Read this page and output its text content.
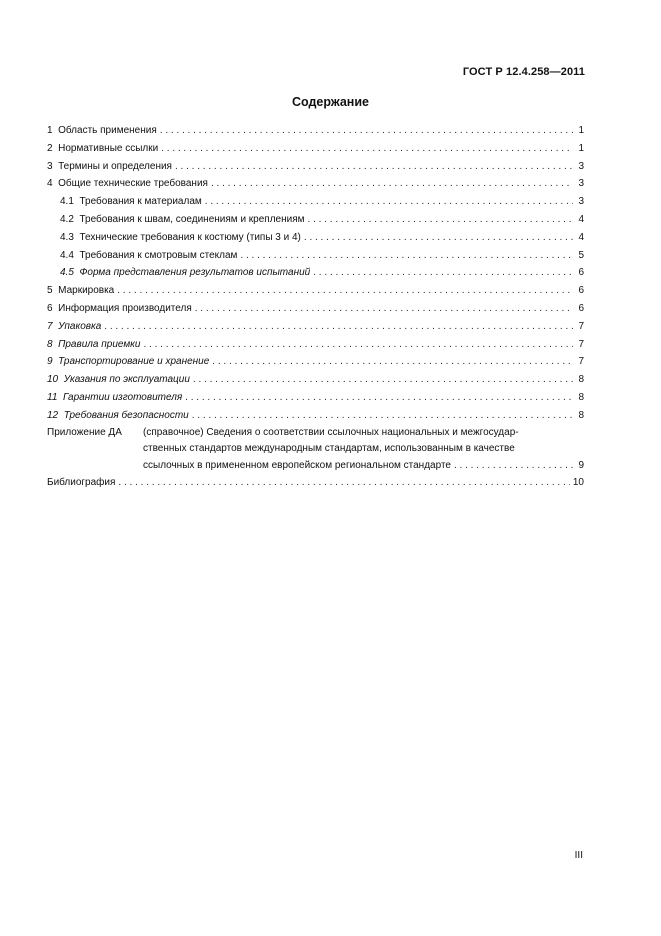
ГОСТ Р 12.4.258—2011
Содержание
1 Область применения . . .	1
2 Нормативные ссылки . . .	1
3 Термины и определения . . .	3
4 Общие технические требования . . .	3
4.1 Требования к материалам . . .	3
4.2 Требования к швам, соединениям и креплениям . . .	4
4.3 Технические требования к костюму (типы 3 и 4) . . .	4
4.4 Требования к смотровым стеклам . . .	5
4.5 Форма представления результатов испытаний . . .	6
5 Маркировка . . .	6
6 Информация производителя . . .	6
7 Упаковка . . .	7
8 Правила приемки . . .	7
9 Транспортирование и хранение . . .	7
10 Указания по эксплуатации . . .	8
11 Гарантии изготовителя . . .	8
12 Требования безопасности . . .	8
Приложение ДА	(справочное) Сведения о соответствии ссылочных национальных и межгосудар-
ственных стандартов международным стандартам, использованным в качестве
ссылочных в примененном европейском региональном стандарте . . .	9
Библиография . . .	10
III
